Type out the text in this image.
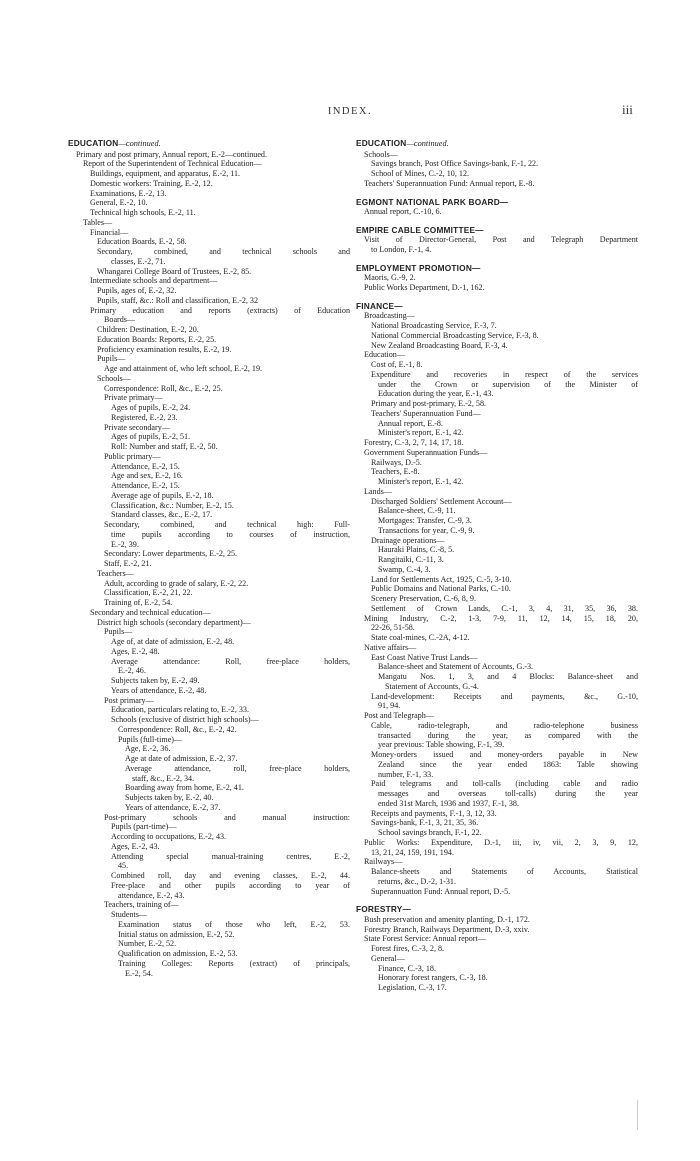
INDEX.	iii
EDUCATION—continued.
Primary and post primary, Annual report, E.-2—continued.
Report of the Superintendent of Technical Education—
Buildings, equipment, and apparatus, E.-2, 11.
Domestic workers: Training, E.-2, 12.
Examinations, E.-2, 13.
General, E.-2, 10.
Technical high schools, E.-2, 11.
Tables—
Financial—
Education Boards, E.-2, 58.
Secondary, combined, and technical schools and
classes, E.-2, 71.
Whangarei College Board of Trustees, E.-2, 85.
Intermediate schools and department—
Pupils, ages of, E.-2, 32.
Pupils, staff, &c.: Roll and classification, E.-2, 32
Primary education and reports (extracts) of Education
Boards—
Children: Destination, E.-2, 20.
Education Boards: Reports, E.-2, 25.
Proficiency examination results, E.-2, 19.
Pupils—
Age and attainment of, who left school, E.-2, 19.
Schools—
Correspondence: Roll, &c., E.-2, 25.
Private primary—
Ages of pupils, E.-2, 24.
Registered, E.-2, 23.
Private secondary—
Ages of pupils, E.-2, 51.
Roll: Number and staff, E.-2, 50.
Public primary—
Attendance, E.-2, 15.
Age and sex, E.-2, 16.
Attendance, E.-2, 15.
Average age of pupils, E.-2, 18.
Classification, &c.: Number, E.-2, 15.
Standard classes, &c., E.-2, 17.
Secondary, combined, and technical high: Full-
time pupils according to courses of instruction,
E.-2, 39.
Secondary: Lower departments, E.-2, 25.
Staff, E.-2, 21.
Teachers—
Adult, according to grade of salary, E.-2, 22.
Classification, E.-2, 21, 22.
Training of, E.-2, 54.
Secondary and technical education—
District high schools (secondary department)—
Pupils—
Age of, at date of admission, E.-2, 48.
Ages, E.-2, 48.
Average attendance: Roll, free-place holders,
E.-2, 46.
Subjects taken by, E.-2, 49.
Years of attendance, E.-2, 48.
Post primary—
Education, particulars relating to, E.-2, 33.
Schools (exclusive of district high schools)—
Correspondence: Roll, &c., E.-2, 42.
Pupils (full-time)—
Age, E.-2, 36.
Age at date of admission, E.-2, 37.
Average attendance, roll, free-place holders,
staff, &c., E.-2, 34.
Boarding away from home, E.-2, 41.
Subjects taken by, E.-2, 40.
Years of attendance, E.-2, 37.
Post-primary schools and manual instruction:
Pupils (part-time)—
According to occupations, E.-2, 43.
Ages, E.-2, 43.
Attending special manual-training centres, E.-2,
45.
Combined roll, day and evening classes, E.-2, 44.
Free-place and other pupils according to year of
attendance, E.-2, 43.
Teachers, training of—
Students—
Examination status of those who left, E.-2, 53.
Initial status on admission, E.-2, 52.
Number, E.-2, 52.
Qualification on admission, E.-2, 53.
Training Colleges: Reports (extract) of principals,
E.-2, 54.
EDUCATION—continued.
Schools—
Savings branch, Post Office Savings-bank, F.-1, 22.
School of Mines, C.-2, 10, 12.
Teachers' Superannuation Fund: Annual report, E.-8.
EGMONT NATIONAL PARK BOARD—
Annual report, C.-10, 6.
EMPIRE CABLE COMMITTEE—
Visit of Director-General, Post and Telegraph Department
to London, F.-1, 4.
EMPLOYMENT PROMOTION—
Maoris, G.-9, 2.
Public Works Department, D.-1, 162.
FINANCE—
Broadcasting—
National Broadcasting Service, F.-3, 7.
National Commercial Broadcasting Service, F.-3, 8.
New Zealand Broadcasting Board, F.-3, 4.
Education—
Cost of, E.-1, 8.
Expenditure and recoveries in respect of the services
under the Crown or supervision of the Minister of
Education during the year, E.-1, 43.
Primary and post-primary, E.-2, 58.
Teachers' Superannuation Fund—
Annual report, E.-8.
Minister's report, E.-1, 42.
Forestry, C.-3, 2, 7, 14, 17, 18.
Government Superannuation Funds—
Railways, D.-5.
Teachers, E.-8.
Minister's report, E.-1, 42.
Lands—
Discharged Soldiers' Settlement Account—
Balance-sheet, C.-9, 11.
Mortgages: Transfer, C.-9, 3.
Transactions for year, C.-9, 9.
Drainage operations—
Hauraki Plains, C.-8, 5.
Rangitaiki, C.-11, 3.
Swamp, C.-4, 3.
Land for Settlements Act, 1925, C.-5, 3-10.
Public Domains and National Parks, C.-10.
Scenery Preservation, C.-6, 8, 9.
Settlement of Crown Lands, C.-1, 3, 4, 31, 35, 36, 38.
Mining Industry, C.-2, 1-3, 7-9, 11, 12, 14, 15, 18, 20,
22-26, 51-58.
State coal-mines, C.-2A, 4-12.
Native affairs—
East Coast Native Trust Lands—
Balance-sheet and Statement of Accounts, G.-3.
Mangatu Nos. 1, 3, and 4 Blocks: Balance-sheet and
Statement of Accounts, G.-4.
Land-development: Receipts and payments, &c., G.-10,
91, 94.
Post and Telegraph—
Cable, radio-telegraph, and radio-telephone business
transacted during the year, as compared with the
year previous: Table showing, F.-1, 39.
Money-orders issued and money-orders payable in New
Zealand since the year ended 1863: Table showing
number, F.-1, 33.
Paid telegrams and toll-calls (including cable and radio
messages and overseas toll-calls) during the year
ended 31st March, 1936 and 1937, F.-1, 38.
Receipts and payments, F.-1, 3, 12, 33.
Savings-bank, F.-1, 3, 21, 35, 36.
School savings branch, F.-1, 22.
Public Works: Expenditure, D.-1, iii, iv, vii, 2, 3, 9, 12,
13, 21, 24, 159, 191, 194.
Railways—
Balance-sheets and Statements of Accounts, Statistical
returns, &c., D.-2, 1-31.
Superannuation Fund: Annual report, D.-5.
FORESTRY—
Bush preservation and amenity planting, D.-1, 172.
Forestry Branch, Railways Department, D.-3, xxiv.
State Forest Service: Annual report—
Forest fires, C.-3, 2, 8.
General—
Finance, C.-3, 18.
Honorary forest rangers, C.-3, 18.
Legislation, C.-3, 17.
